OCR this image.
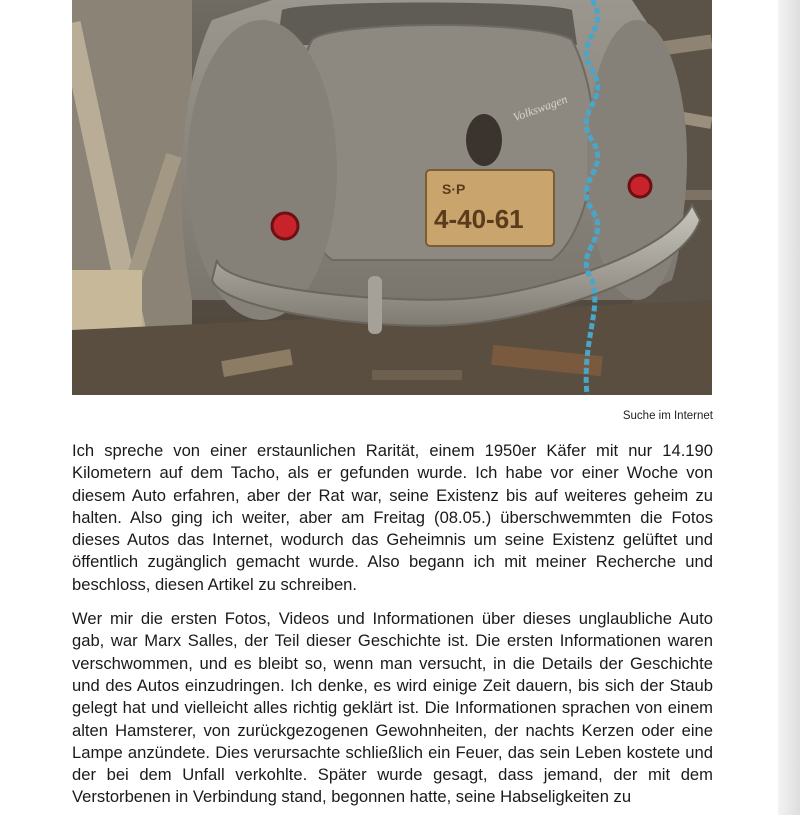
S·P
4-40-61
Volkswagen
Suche im Internet

Ich spreche von einer erstaunlichen Rarität, einem 1950er Käfer mit nur 14.190 Kilometern auf dem Tacho, als er gefunden wurde. Ich habe vor einer Woche von diesem Auto erfahren, aber der Rat war, seine Existenz bis auf weiteres geheim zu halten. Also ging ich weiter, aber am Freitag (08.05.) überschwemmten die Fotos dieses Autos das Internet, wodurch das Geheimnis um seine Existenz gelüftet und öffentlich zugänglich gemacht wurde. Also begann ich mit meiner Recherche und beschloss, diesen Artikel zu schreiben.

Wer mir die ersten Fotos, Videos und Informationen über dieses unglaubliche Auto gab, war Marx Salles, der Teil dieser Geschichte ist. Die ersten Informationen waren verschwommen, und es bleibt so, wenn man versucht, in die Details der Geschichte und des Autos einzudringen. Ich denke, es wird einige Zeit dauern, bis sich der Staub gelegt hat und vielleicht alles richtig geklärt ist. Die Informationen sprachen von einem alten Hamsterer, von zurückgezogenen Gewohnheiten, der nachts Kerzen oder eine Lampe anzündete. Dies verursachte schließlich ein Feuer, das sein Leben kostete und der bei dem Unfall verkohlte. Später wurde gesagt, dass jemand, der mit dem Verstorbenen in Verbindung stand, begonnen hatte, seine Habseligkeiten zu
